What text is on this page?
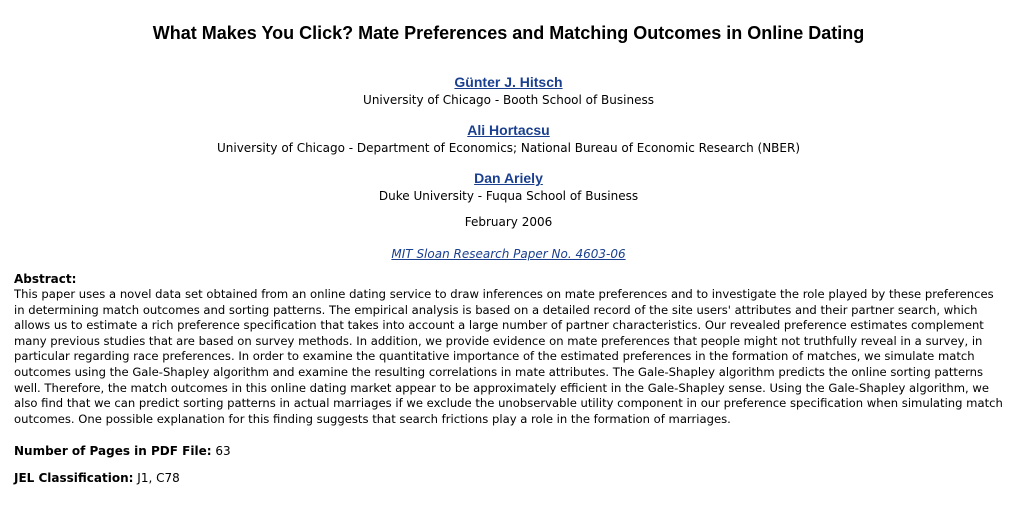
What Makes You Click? Mate Preferences and Matching Outcomes in Online Dating
Günter J. Hitsch
University of Chicago - Booth School of Business
Ali Hortacsu
University of Chicago - Department of Economics; National Bureau of Economic Research (NBER)
Dan Ariely
Duke University - Fuqua School of Business
February 2006
MIT Sloan Research Paper No. 4603-06
Abstract:
This paper uses a novel data set obtained from an online dating service to draw inferences on mate preferences and to investigate the role played by these preferences in determining match outcomes and sorting patterns. The empirical analysis is based on a detailed record of the site users' attributes and their partner search, which allows us to estimate a rich preference specification that takes into account a large number of partner characteristics. Our revealed preference estimates complement many previous studies that are based on survey methods. In addition, we provide evidence on mate preferences that people might not truthfully reveal in a survey, in particular regarding race preferences. In order to examine the quantitative importance of the estimated preferences in the formation of matches, we simulate match outcomes using the Gale-Shapley algorithm and examine the resulting correlations in mate attributes. The Gale-Shapley algorithm predicts the online sorting patterns well. Therefore, the match outcomes in this online dating market appear to be approximately efficient in the Gale-Shapley sense. Using the Gale-Shapley algorithm, we also find that we can predict sorting patterns in actual marriages if we exclude the unobservable utility component in our preference specification when simulating match outcomes. One possible explanation for this finding suggests that search frictions play a role in the formation of marriages.
Number of Pages in PDF File: 63
JEL Classification: J1, C78
